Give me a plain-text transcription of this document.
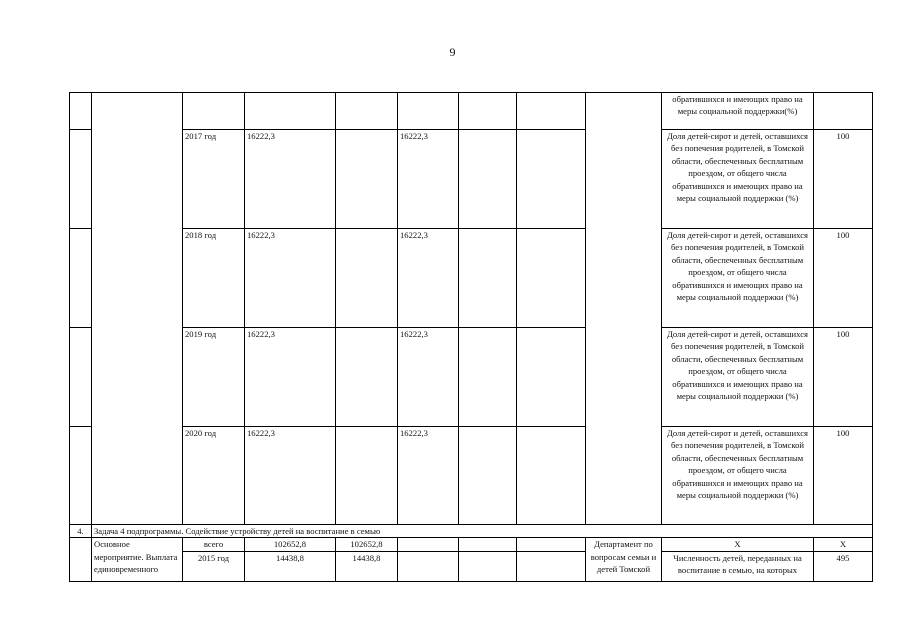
9
									обратившихся и имеющих право на меры социальной поддержки(%)	
		2017 год	16222,3		16222,3				Доля детей-сирот и детей, оставшихся без попечения родителей, в Томской области, обеспеченных бесплатным проездом, от общего числа обратившихся и имеющих право на меры социальной поддержки (%)	100
		2018 год	16222,3		16222,3				Доля детей-сирот и детей, оставшихся без попечения родителей, в Томской области, обеспеченных бесплатным проездом, от общего числа обратившихся и имеющих право на меры социальной поддержки (%)	100
		2019 год	16222,3		16222,3				Доля детей-сирот и детей, оставшихся без попечения родителей, в Томской области, обеспеченных бесплатным проездом, от общего числа обратившихся и имеющих право на меры социальной поддержки (%)	100
		2020 год	16222,3		16222,3				Доля детей-сирот и детей, оставшихся без попечения родителей, в Томской области, обеспеченных бесплатным проездом, от общего числа обратившихся и имеющих право на меры социальной поддержки (%)	100
4.	Задача 4 подпрограммы. Содействие устройству детей на воспитание в семью									
	Основное мероприятие. Выплата единовременного	всего	102652,8	102652,8				Департамент по вопросам семьи и детей Томской	Х	Х
		2015 год	14438,8	14438,8					Численность детей, переданных на воспитание в семью, на которых	495
